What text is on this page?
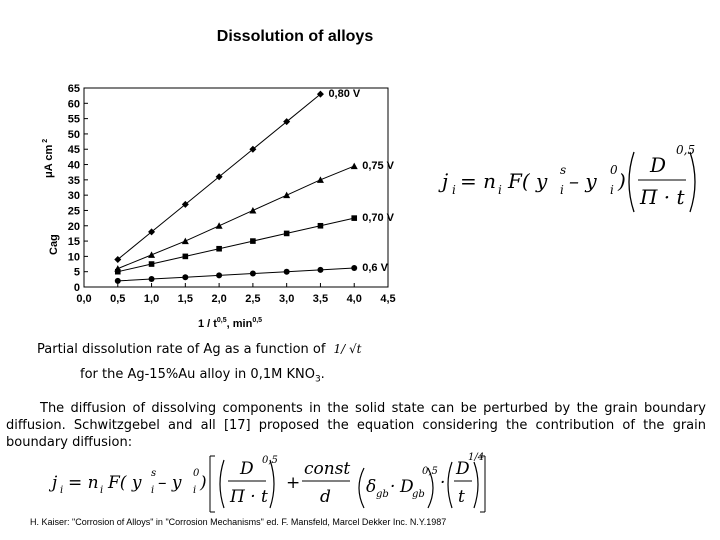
Dissolution of alloys
0,0 0,5 1,0 1,5 2,0 2,5 3,0 3,5 4,0 4,5
0
5
10
15
20
25
30
35
40
45
50
55
60
65
$1 / t^{0,5}$, $\min^{0,5}$
μA $cm^2$
Сag
0,80 V
0,75 V
0,70 V
0,6 V
j i = n i F( y i
s – y i
0 )
D
Π · t
0,5
Partial dissolution rate of Ag as a function of 1/ √t
for the Ag-15%Au alloy in 0,1M $KNO_3$.
The diffusion of dissolving components in the solid state can be perturbed by the grain boundary diffusion. Schwitzgebel and all [17] proposed the equation considering the contribution of the grain boundary diffusion:
j i = n i F( y i
s – y i
0 )
D
Π · t
0,5
+
const
d δ gb · D
gb
0,5
·
D
t
1/4
H. Kaiser: "Corrosion of Alloys" in "Corrosion Mechanisms" ed. F. Mansfeld, Marcel Dekker Inc. N.Y.1987
